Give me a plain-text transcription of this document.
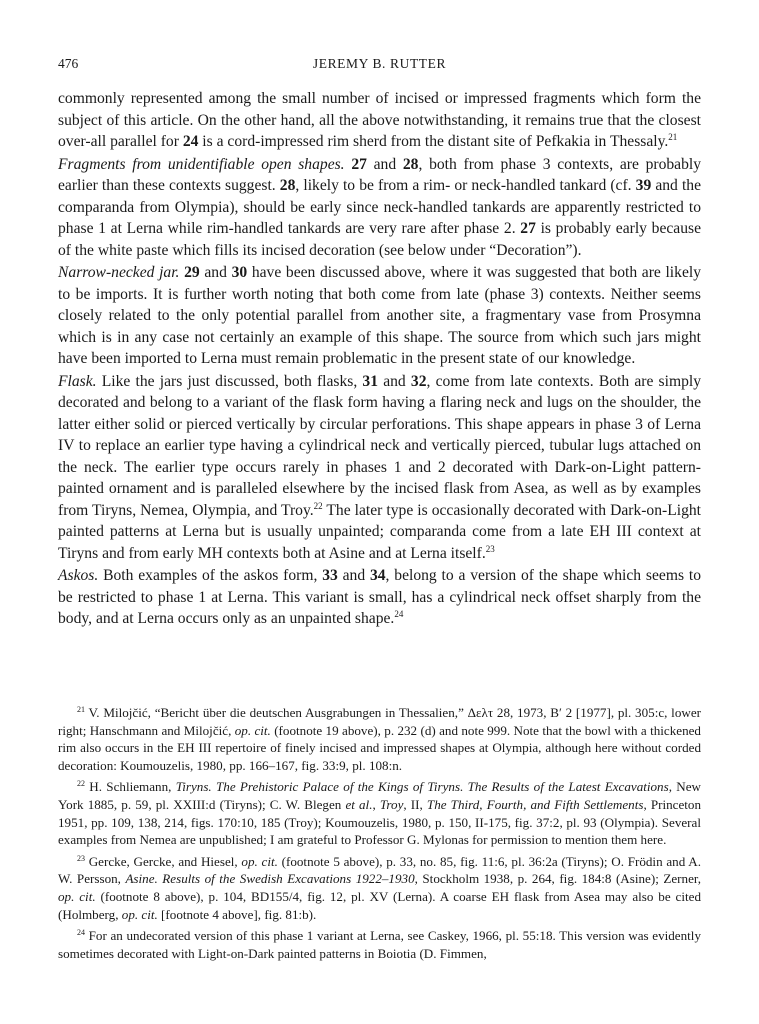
476	JEREMY B. RUTTER

commonly represented among the small number of incised or impressed fragments which form the subject of this article. On the other hand, all the above notwithstanding, it remains true that the closest over-all parallel for 24 is a cord-impressed rim sherd from the distant site of Pefkakia in Thessaly.$^{21}$

Fragments from unidentifiable open shapes. 27 and 28, both from phase 3 contexts, are probably earlier than these contexts suggest. 28, likely to be from a rim- or neck-handled tankard (cf. 39 and the comparanda from Olympia), should be early since neck-handled tankards are apparently restricted to phase 1 at Lerna while rim-handled tankards are very rare after phase 2. 27 is probably early because of the white paste which fills its incised decoration (see below under “Decoration”).

Narrow-necked jar. 29 and 30 have been discussed above, where it was suggested that both are likely to be imports. It is further worth noting that both come from late (phase 3) contexts. Neither seems closely related to the only potential parallel from another site, a fragmentary vase from Prosymna which is in any case not certainly an example of this shape. The source from which such jars might have been imported to Lerna must remain problematic in the present state of our knowledge.

Flask. Like the jars just discussed, both flasks, 31 and 32, come from late contexts. Both are simply decorated and belong to a variant of the flask form having a flaring neck and lugs on the shoulder, the latter either solid or pierced vertically by circular perforations. This shape appears in phase 3 of Lerna IV to replace an earlier type having a cylindrical neck and vertically pierced, tubular lugs attached on the neck. The earlier type occurs rarely in phases 1 and 2 decorated with Dark-on-Light pattern-painted ornament and is paralleled elsewhere by the incised flask from Asea, as well as by examples from Tiryns, Nemea, Olympia, and Troy.$^{22}$ The later type is occasionally decorated with Dark-on-Light painted patterns at Lerna but is usually unpainted; comparanda come from a late EH III context at Tiryns and from early MH contexts both at Asine and at Lerna itself.$^{23}$

Askos. Both examples of the askos form, 33 and 34, belong to a version of the shape which seems to be restricted to phase 1 at Lerna. This variant is small, has a cylindrical neck offset sharply from the body, and at Lerna occurs only as an unpainted shape.$^{24}$

$^{21}$ V. Milojčić, “Bericht über die deutschen Ausgrabungen in Thessalien,” Δελτ 28, 1973, B′ 2 [1977], pl. 305:c, lower right; Hanschmann and Milojčić, op. cit. (footnote 19 above), p. 232 (d) and note 999. Note that the bowl with a thickened rim also occurs in the EH III repertoire of finely incised and impressed shapes at Olympia, although here without corded decoration: Koumouzelis, 1980, pp. 166–167, fig. 33:9, pl. 108:n.

$^{22}$ H. Schliemann, Tiryns. The Prehistoric Palace of the Kings of Tiryns. The Results of the Latest Excavations, New York 1885, p. 59, pl. XXIII:d (Tiryns); C. W. Blegen et al., Troy, II, The Third, Fourth, and Fifth Settlements, Princeton 1951, pp. 109, 138, 214, figs. 170:10, 185 (Troy); Koumouzelis, 1980, p. 150, II-175, fig. 37:2, pl. 93 (Olympia). Several examples from Nemea are unpublished; I am grateful to Professor G. Mylonas for permission to mention them here.

$^{23}$ Gercke, Gercke, and Hiesel, op. cit. (footnote 5 above), p. 33, no. 85, fig. 11:6, pl. 36:2a (Tiryns); O. Frödin and A. W. Persson, Asine. Results of the Swedish Excavations 1922–1930, Stockholm 1938, p. 264, fig. 184:8 (Asine); Zerner, op. cit. (footnote 8 above), p. 104, BD155/4, fig. 12, pl. XV (Lerna). A coarse EH flask from Asea may also be cited (Holmberg, op. cit. [footnote 4 above], fig. 81:b).

$^{24}$ For an undecorated version of this phase 1 variant at Lerna, see Caskey, 1966, pl. 55:18. This version was evidently sometimes decorated with Light-on-Dark painted patterns in Boiotia (D. Fimmen,
